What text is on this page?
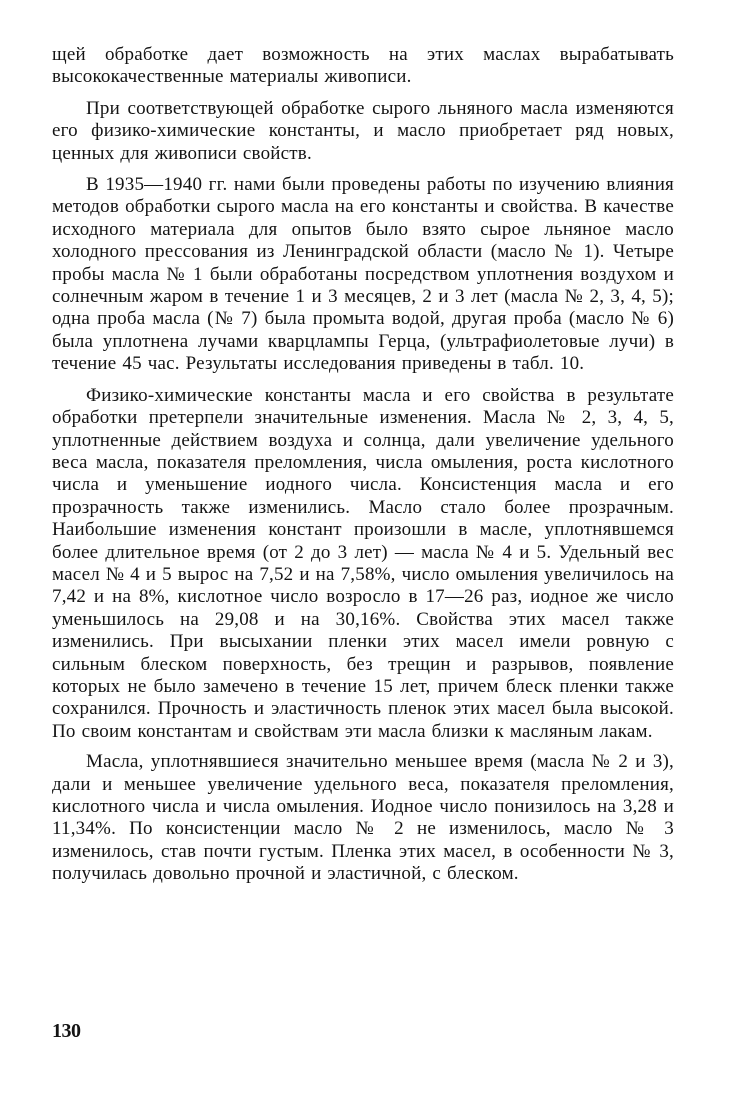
щей обработке дает возможность на этих маслах вырабатывать высококачественные материалы живописи.

При соответствующей обработке сырого льняного масла изменяются его физико-химические константы, и масло приобретает ряд новых, ценных для живописи свойств.

В 1935—1940 гг. нами были проведены работы по изучению влияния методов обработки сырого масла на его константы и свойства. В качестве исходного материала для опытов было взято сырое льняное масло холодного прессования из Ленинградской области (масло № 1). Четыре пробы масла № 1 были обработаны посредством уплотнения воздухом и солнечным жаром в течение 1 и 3 месяцев, 2 и 3 лет (масла № 2, 3, 4, 5); одна проба масла (№ 7) была промыта водой, другая проба (масло № 6) была уплотнена лучами кварцлампы Герца, (ультрафиолетовые лучи) в течение 45 час. Результаты исследования приведены в табл. 10.

Физико-химические константы масла и его свойства в результате обработки претерпели значительные изменения. Масла № 2, 3, 4, 5, уплотненные действием воздуха и солнца, дали увеличение удельного веса масла, показателя преломления, числа омыления, роста кислотного числа и уменьшение иодного числа. Консистенция масла и его прозрачность также изменились. Масло стало более прозрачным. Наибольшие изменения констант произошли в масле, уплотнявшемся более длительное время (от 2 до 3 лет) — масла № 4 и 5. Удельный вес масел № 4 и 5 вырос на 7,52 и на 7,58%, число омыления увеличилось на 7,42 и на 8%, кислотное число возросло в 17—26 раз, иодное же число уменьшилось на 29,08 и на 30,16%. Свойства этих масел также изменились. При высыхании пленки этих масел имели ровную с сильным блеском поверхность, без трещин и разрывов, появление которых не было замечено в течение 15 лет, причем блеск пленки также сохранился. Прочность и эластичность пленок этих масел была высокой. По своим константам и свойствам эти масла близки к масляным лакам.

Масла, уплотнявшиеся значительно меньшее время (масла № 2 и 3), дали и меньшее увеличение удельного веса, показателя преломления, кислотного числа и числа омыления. Иодное число понизилось на 3,28 и 11,34%. По консистенции масло № 2 не изменилось, масло № 3 изменилось, став почти густым. Пленка этих масел, в особенности № 3, получилась довольно прочной и эластичной, с блеском.

130
